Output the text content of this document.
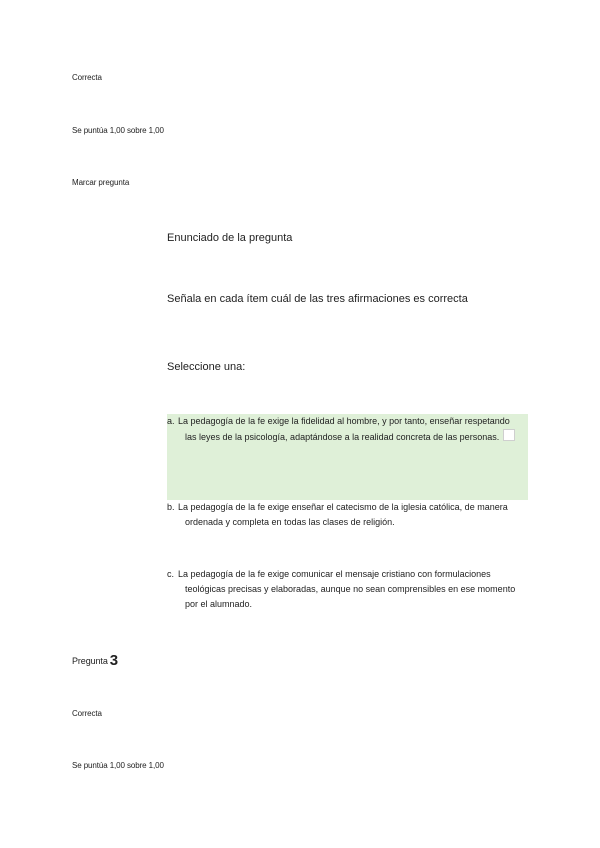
Correcta
Se puntúa 1,00 sobre 1,00
Marcar pregunta
Enunciado de la pregunta
Señala en cada ítem cuál de las tres afirmaciones es correcta
Seleccione una:
a. La pedagogía de la fe exige la fidelidad al hombre, y por tanto, enseñar respetando las leyes de la psicología, adaptándose a la realidad concreta de las personas.
b. La pedagogía de la fe exige enseñar el catecismo de la iglesia católica, de manera ordenada y completa en todas las clases de religión.
c. La pedagogía de la fe exige comunicar el mensaje cristiano con formulaciones teológicas precisas y elaboradas, aunque no sean comprensibles en ese momento por el alumnado.
Pregunta 3
Correcta
Se puntúa 1,00 sobre 1,00
